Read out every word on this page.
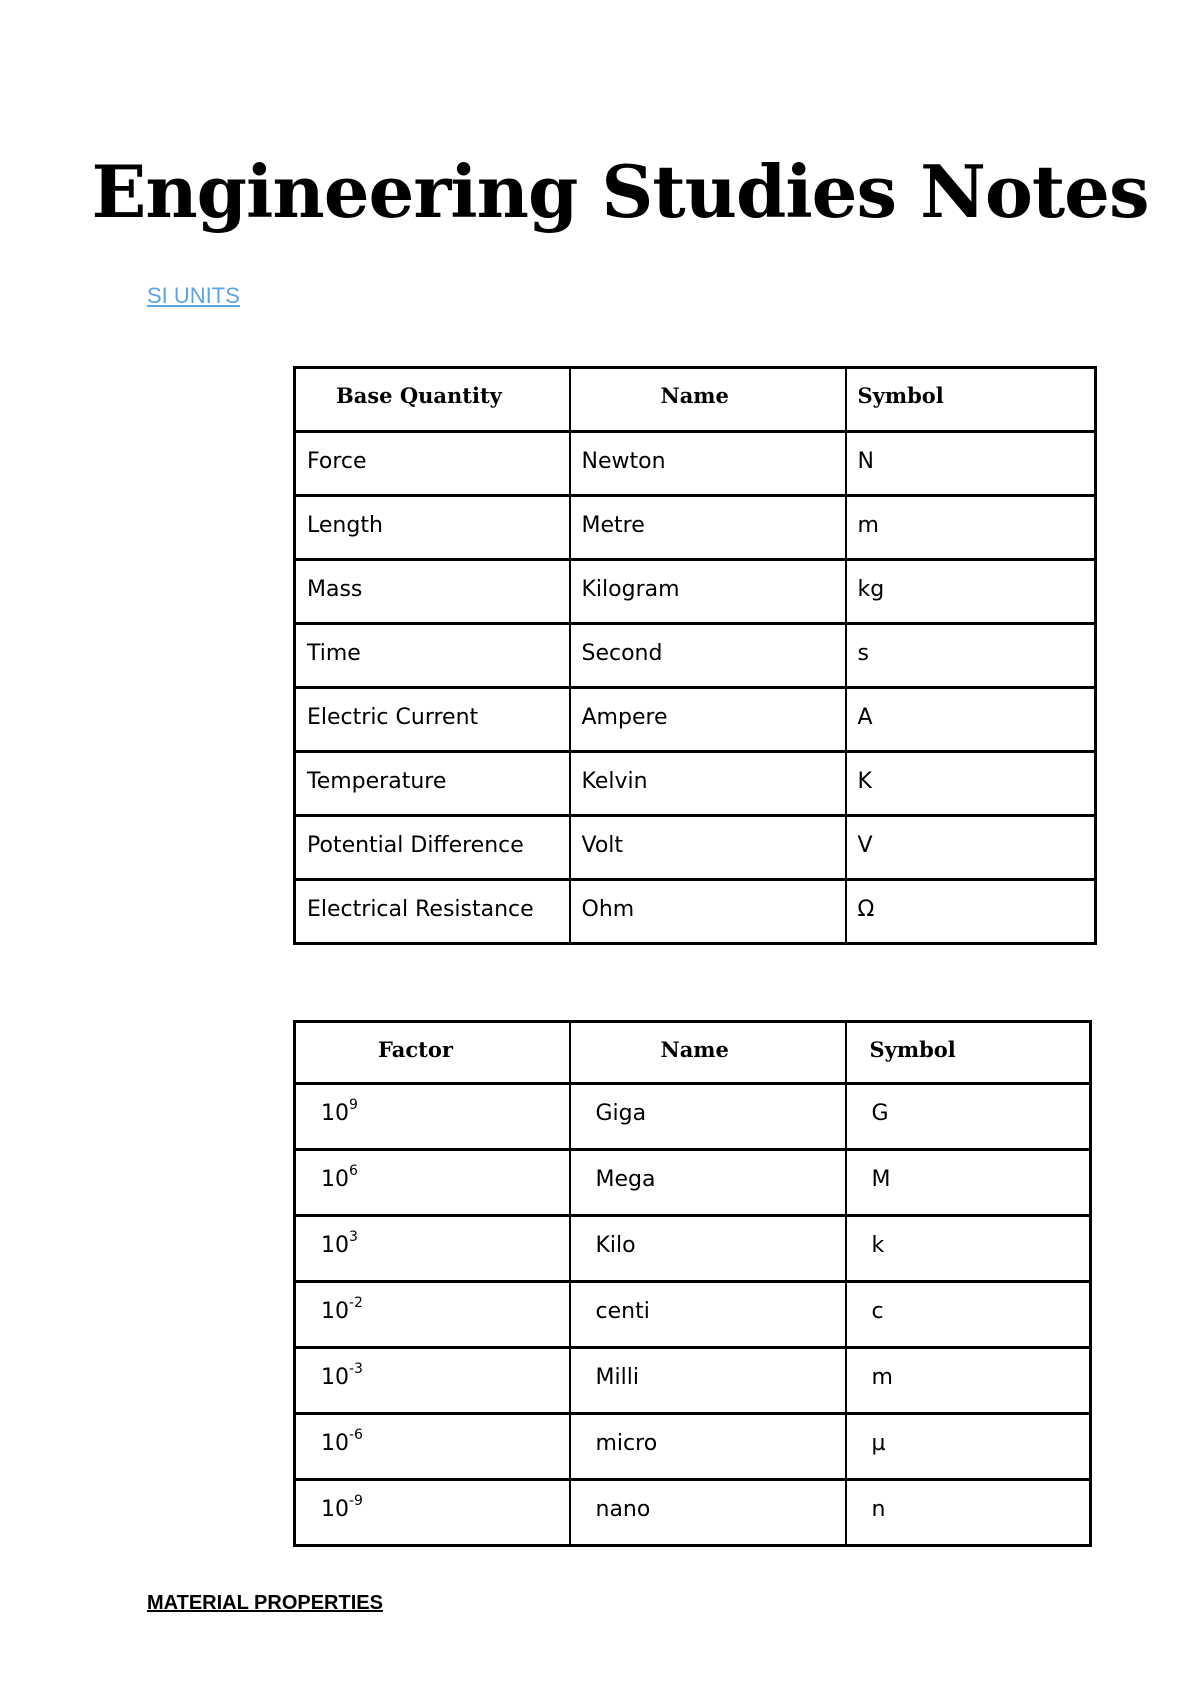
Engineering Studies Notes
SI UNITS
Base Quantity	Name	Symbol
Force	Newton	N
Length	Metre	m
Mass	Kilogram	kg
Time	Second	s
Electric Current	Ampere	A
Temperature	Kelvin	K
Potential Difference	Volt	V
Electrical Resistance	Ohm	Ω
Factor	Name	Symbol
$10^9$	Giga	G
$10^6$	Mega	M
$10^3$	Kilo	k
$10^{-2}$	centi	c
$10^{-3}$	Milli	m
$10^{-6}$	micro	µ
$10^{-9}$	nano	n
MATERIAL PROPERTIES
